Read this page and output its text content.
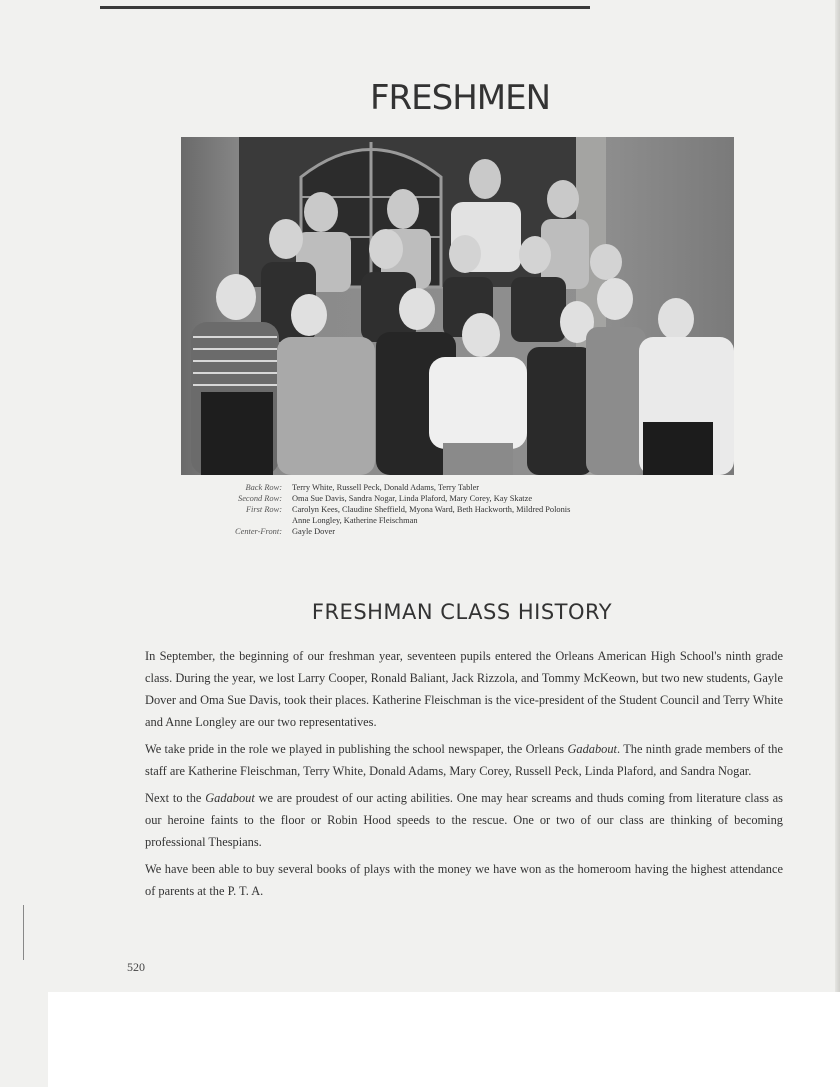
FRESHMEN
Back Row:	Terry White, Russell Peck, Donald Adams, Terry Tabler
Second Row:	Oma Sue Davis, Sandra Nogar, Linda Plaford, Mary Corey, Kay Skatze
First Row:	Carolyn Kees, Claudine Sheffield, Myona Ward, Beth Hackworth, Mildred Polonis
Anne Longley, Katherine Fleischman
Center-Front:	Gayle Dover
FRESHMAN CLASS HISTORY

In September, the beginning of our freshman year, seventeen pupils entered the Orleans American High School's ninth grade class. During the year, we lost Larry Cooper, Ronald Baliant, Jack Rizzola, and Tommy McKeown, but two new students, Gayle Dover and Oma Sue Davis, took their places. Katherine Fleischman is the vice-president of the Student Council and Terry White and Anne Longley are our two representatives.

We take pride in the role we played in publishing the school newspaper, the Orleans Gadabout. The ninth grade members of the staff are Katherine Fleischman, Terry White, Donald Adams, Mary Corey, Russell Peck, Linda Plaford, and Sandra Nogar.

Next to the Gadabout we are proudest of our acting abilities. One may hear screams and thuds coming from literature class as our heroine faints to the floor or Robin Hood speeds to the rescue. One or two of our class are thinking of becoming professional Thespians.

We have been able to buy several books of plays with the money we have won as the homeroom having the highest attendance of parents at the P. T. A.

520
